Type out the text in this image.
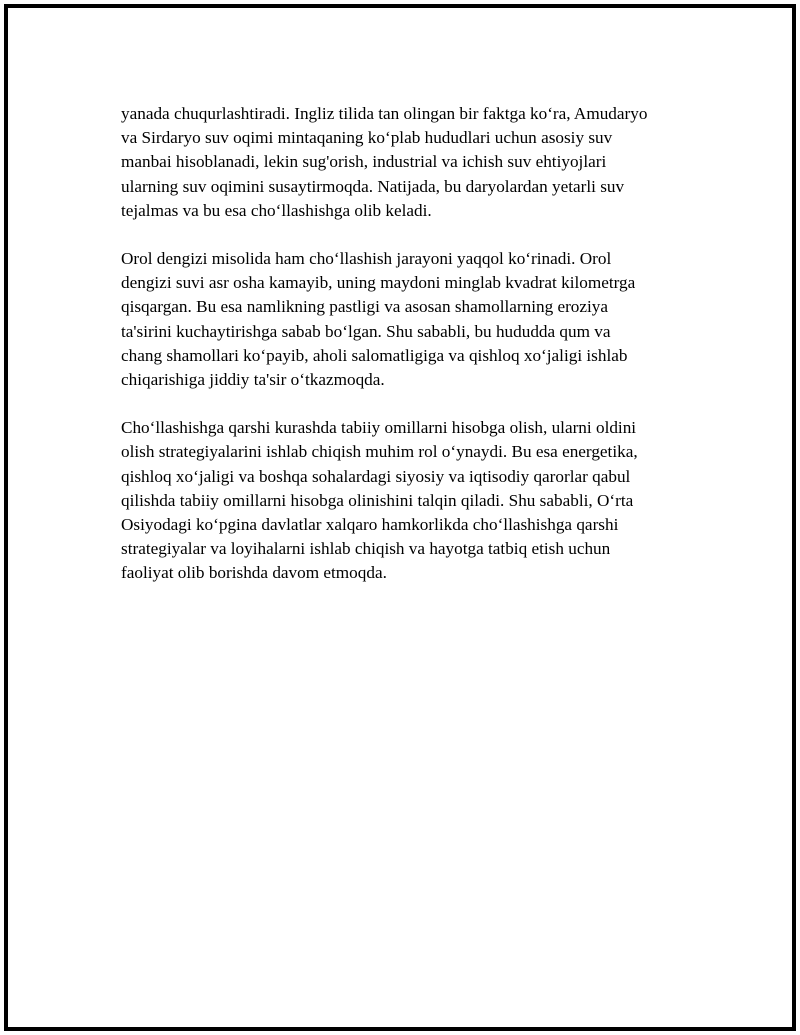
yanada chuqurlashtiradi. Ingliz tilida tan olingan bir faktga ko‘ra, Amudaryo
va Sirdaryo suv oqimi mintaqaning ko‘plab hududlari uchun asosiy suv
manbai hisoblanadi, lekin sug'orish, industrial va ichish suv ehtiyojlari
ularning suv oqimini susaytirmoqda. Natijada, bu daryolardan yetarli suv
tejalmas va bu esa cho‘llashishga olib keladi.

Orol dengizi misolida ham cho‘llashish jarayoni yaqqol ko‘rinadi. Orol
dengizi suvi asr osha kamayib, uning maydoni minglab kvadrat kilometrga
qisqargan. Bu esa namlikning pastligi va asosan shamollarning eroziya
ta'sirini kuchaytirishga sabab bo‘lgan. Shu sababli, bu hududda qum va
chang shamollari ko‘payib, aholi salomatligiga va qishloq xo‘jaligi ishlab
chiqarishiga jiddiy ta'sir o‘tkazmoqda.

Cho‘llashishga qarshi kurashda tabiiy omillarni hisobga olish, ularni oldini
olish strategiyalarini ishlab chiqish muhim rol o‘ynaydi. Bu esa energetika,
qishloq xo‘jaligi va boshqa sohalardagi siyosiy va iqtisodiy qarorlar qabul
qilishda tabiiy omillarni hisobga olinishini talqin qiladi. Shu sababli, O‘rta
Osiyodagi ko‘pgina davlatlar xalqaro hamkorlikda cho‘llashishga qarshi
strategiyalar va loyihalarni ishlab chiqish va hayotga tatbiq etish uchun
faoliyat olib borishda davom etmoqda.
